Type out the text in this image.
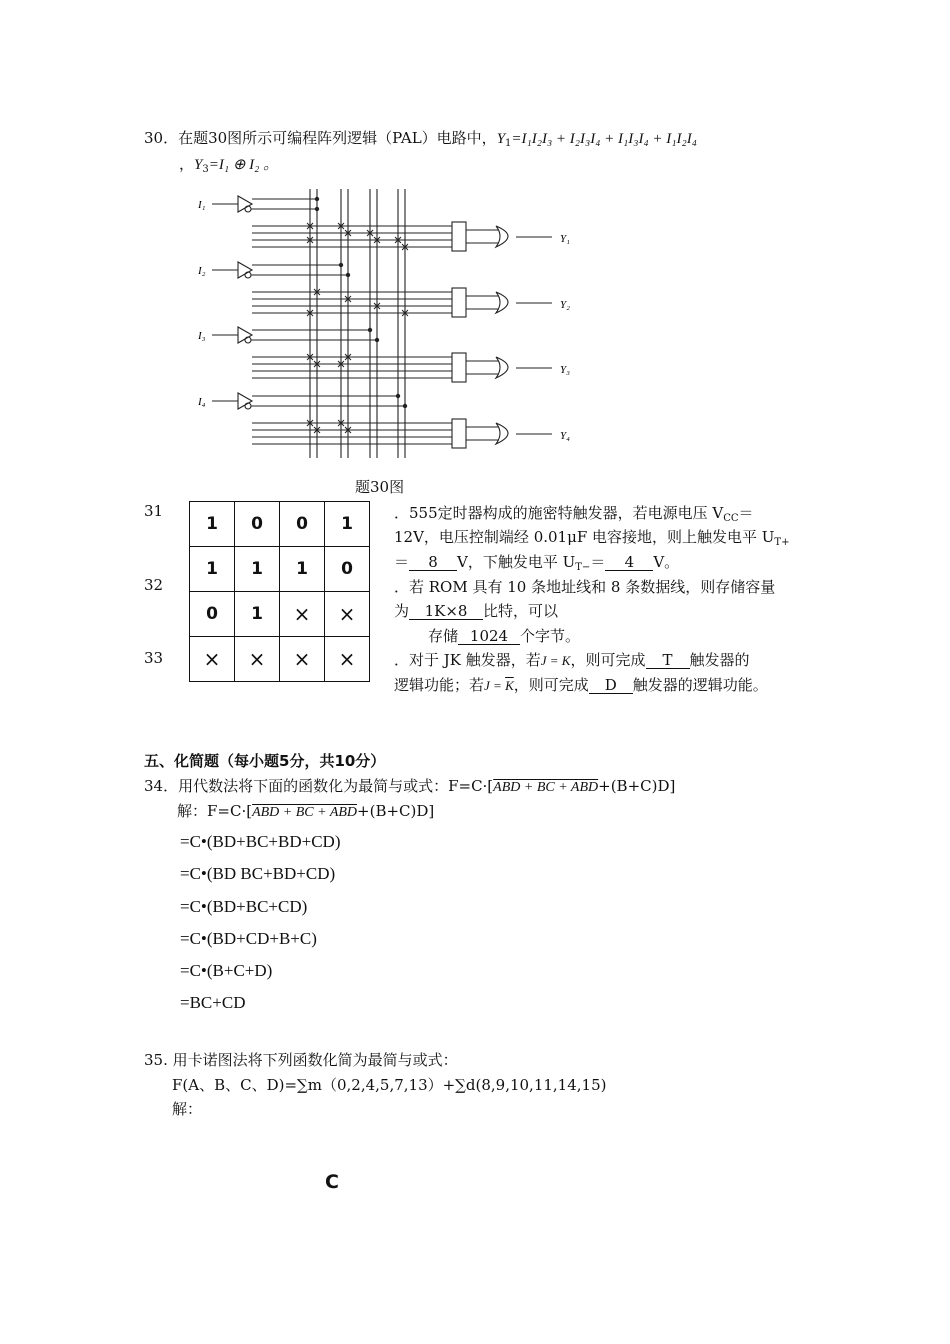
30．在题30图所示可编程阵列逻辑（PAL）电路中，$Y_1=I_1I_2I_3 + I_2I_3I_4 + I_1I_3I_4 + I_1I_2I_4$
，$Y_3=I_1$ ⊕ I₂ 。
I₁
I₂
I₃
I₄
Y₁
Y₂
Y₃
Y₄
题30图
1	0	0	1
1	1	1	0
0	1	×	×
×	×	×	×
31	．555定时器构成的施密特触发器，若电源电压 $V_{CC}=$
12V，电压控制端经 0.01μF 电容接地，则上触发电平 $U_{T+}$
＝ 8 V，下触发电平 $U_{T-}= 4$ V。
32	．若 ROM 具有 10 条地址线和 8 条数据线，则存储容量
为 1K×8 比特，可以
存储 1024 个字节。
33	．对于 JK 触发器，若J = K，则可完成 T 触发器的
逻辑功能；若$J = \overline{K}$，则可完成 D 触发器的逻辑功能。
五、化简题（每小题5分，共10分）
34．用代数法将下面的函数化为最简与或式：F=C·[ABD + BC + ABD+(B+C)D]
解：F=C·[ABD + BC + ABD+(B+C)D]
=C•(BD+BC+BD+CD)
=C•(BD BC+BD+CD)
=C•(BD+BC+CD)
=C•(BD+CD+B+C)
=C•(B+C+D)
=BC+CD
35. 用卡诺图法将下列函数化简为最简与或式：
F(A、B、C、D)=∑m（0,2,4,5,7,13）+∑d(8,9,10,11,14,15)
解：
C
